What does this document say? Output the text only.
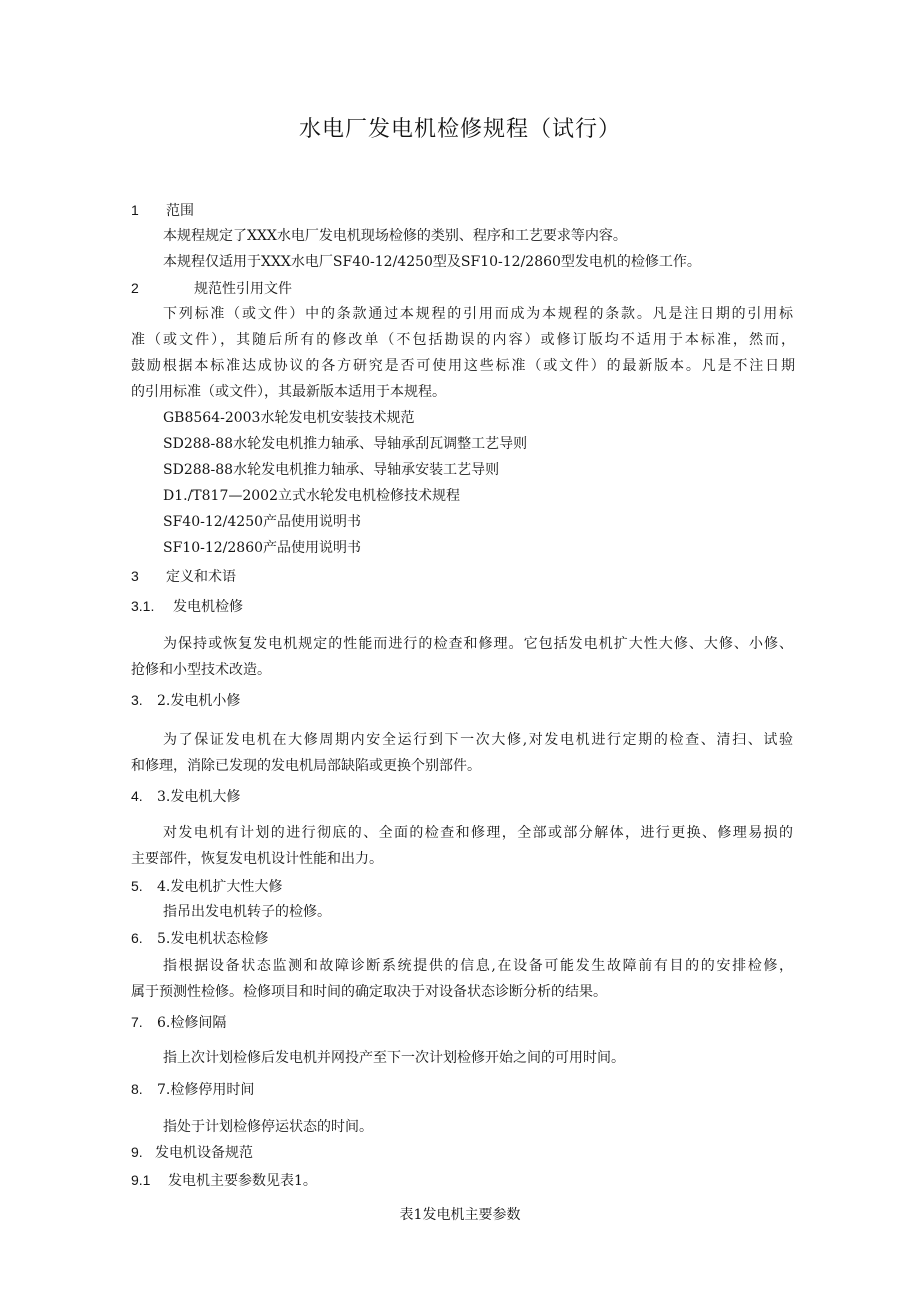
水电厂发电机检修规程（试行）
1 范围
本规程规定了XXX水电厂发电机现场检修的类别、程序和工艺要求等内容。
本规程仅适用于XXX水电厂SF40-12/4250型及SF10-12/2860型发电机的检修工作。
2	规范性引用文件
下列标准（或文件）中的条款通过本规程的引用而成为本规程的条款。凡是注日期的引用标
准（或文件），其随后所有的修改单（不包括勘误的内容）或修订版均不适用于本标准，然而，
鼓励根据本标准达成协议的各方研究是否可使用这些标准（或文件）的最新版本。凡是不注日期
的引用标准（或文件），其最新版本适用于本规程。
GB8564-2003水轮发电机安装技术规范
SD288-88水轮发电机推力轴承、导轴承刮瓦调整工艺导则
SD288-88水轮发电机推力轴承、导轴承安装工艺导则
D1./T817—2002立式水轮发电机检修技术规程
SF40-12/4250产品使用说明书
SF10-12/2860产品使用说明书
3 定义和术语
3.1. 发电机检修
为保持或恢复发电机规定的性能而进行的检查和修理。它包括发电机扩大性大修、大修、小修、
抢修和小型技术改造。
3. 2.发电机小修
为了保证发电机在大修周期内安全运行到下一次大修,对发电机进行定期的检查、清扫、试验
和修理，消除已发现的发电机局部缺陷或更换个别部件。
4. 3.发电机大修
对发电机有计划的进行彻底的、全面的检查和修理，全部或部分解体，进行更换、修理易损的
主要部件，恢复发电机设计性能和出力。
5. 4.发电机扩大性大修
指吊出发电机转子的检修。
6. 5.发电机状态检修
指根据设备状态监测和故障诊断系统提供的信息,在设备可能发生故障前有目的的安排检修，
属于预测性检修。检修项目和时间的确定取决于对设备状态诊断分析的结果。
7. 6.检修间隔
指上次计划检修后发电机并网投产至下一次计划检修开始之间的可用时间。
8. 7.检修停用时间
指处于计划检修停运状态的时间。
9. 发电机设备规范
9.1 发电机主要参数见表1。
表1发电机主要参数
